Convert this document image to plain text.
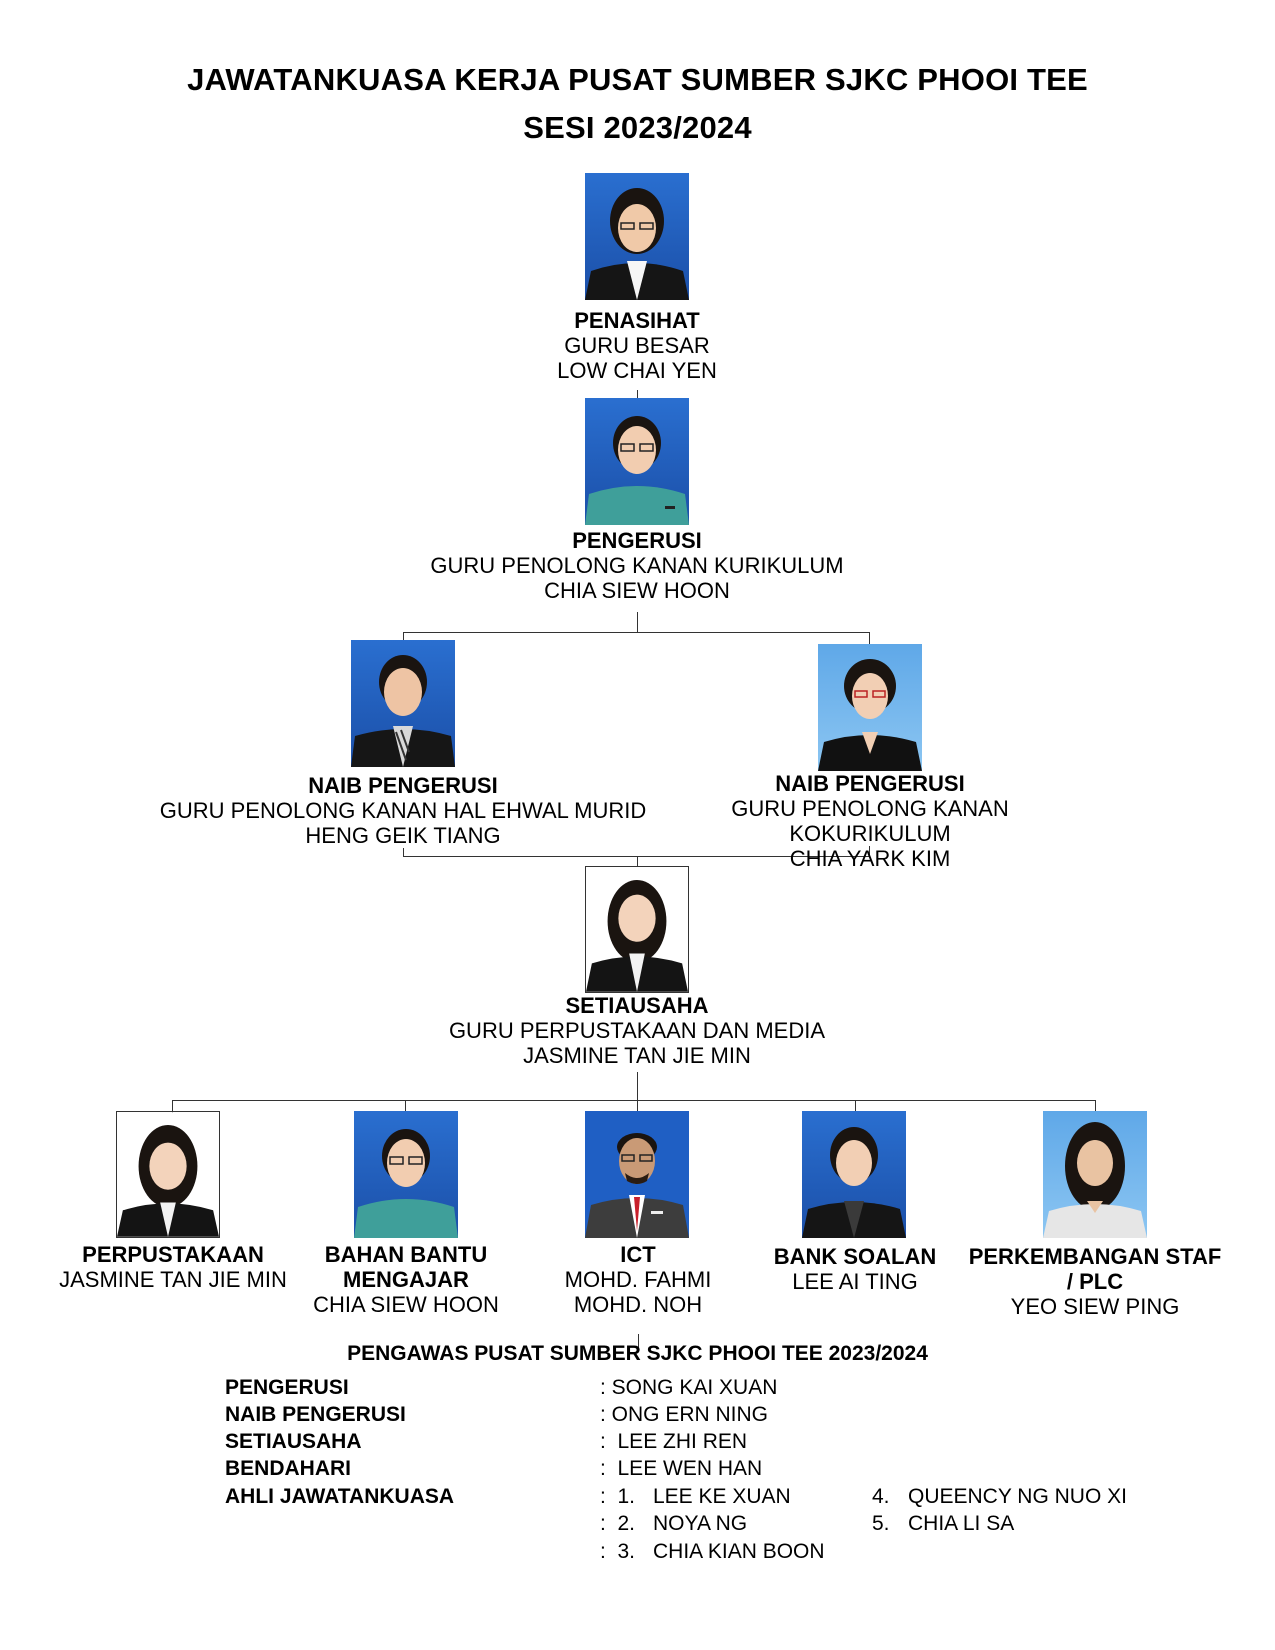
JAWATANKUASA KERJA PUSAT SUMBER SJKC PHOOI TEE
SESI 2023/2024
PENASIHAT
GURU BESAR
LOW CHAI YEN
PENGERUSI
GURU PENOLONG KANAN KURIKULUM
CHIA SIEW HOON
NAIB PENGERUSI
GURU PENOLONG KANAN HAL EHWAL MURID
HENG GEIK TIANG
NAIB PENGERUSI
GURU PENOLONG KANAN KOKURIKULUM
CHIA YARK KIM
SETIAUSAHA
GURU PERPUSTAKAAN DAN MEDIA
JASMINE TAN JIE MIN
PERPUSTAKAAN
JASMINE TAN JIE MIN
BAHAN BANTU
MENGAJAR
CHIA SIEW HOON
ICT
MOHD. FAHMI
MOHD. NOH
BANK SOALAN
LEE AI TING
PERKEMBANGAN STAF
/ PLC
YEO SIEW PING
PENGAWAS PUSAT SUMBER SJKC PHOOI TEE 2023/2024
PENGERUSI	: SONG KAI XUAN
NAIB PENGERUSI	: ONG ERN NING
SETIAUSAHA	:  LEE ZHI REN
BENDAHARI	:  LEE WEN HAN
AHLI JAWATANKUASA	:  1. LEE KE XUAN
:  2. NOYA NG
:  3. CHIA KIAN BOON
4. QUEENCY NG NUO XI
5. CHIA LI SA
